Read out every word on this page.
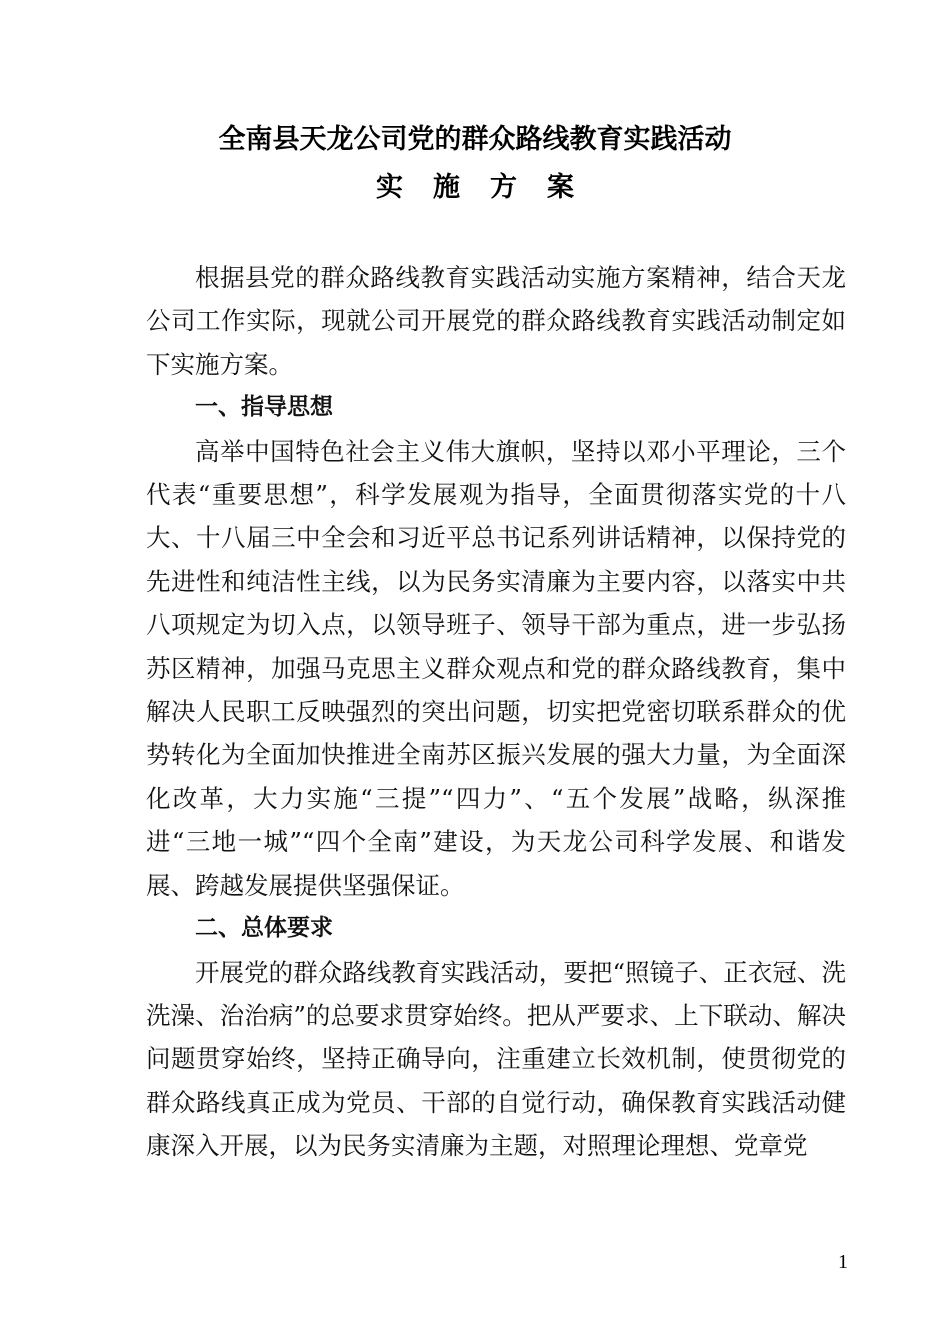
全南县天龙公司党的群众路线教育实践活动
实施方案

根据县党的群众路线教育实践活动实施方案精神，结合天龙公司工作实际，现就公司开展党的群众路线教育实践活动制定如下实施方案。

一、指导思想

高举中国特色社会主义伟大旗帜，坚持以邓小平理论，三个代表“重要思想”，科学发展观为指导，全面贯彻落实党的十八大、十八届三中全会和习近平总书记系列讲话精神，以保持党的先进性和纯洁性主线，以为民务实清廉为主要内容，以落实中共八项规定为切入点，以领导班子、领导干部为重点，进一步弘扬苏区精神，加强马克思主义群众观点和党的群众路线教育，集中解决人民职工反映强烈的突出问题，切实把党密切联系群众的优势转化为全面加快推进全南苏区振兴发展的强大力量，为全面深化改革，大力实施“三提”“四力”、“五个发展”战略，纵深推进“三地一城”“四个全南”建设，为天龙公司科学发展、和谐发展、跨越发展提供坚强保证。

二、总体要求

开展党的群众路线教育实践活动，要把“照镜子、正衣冠、洗洗澡、治治病”的总要求贯穿始终。把从严要求、上下联动、解决问题贯穿始终，坚持正确导向，注重建立长效机制，使贯彻党的群众路线真正成为党员、干部的自觉行动，确保教育实践活动健康深入开展，以为民务实清廉为主题，对照理论理想、党章党

1
